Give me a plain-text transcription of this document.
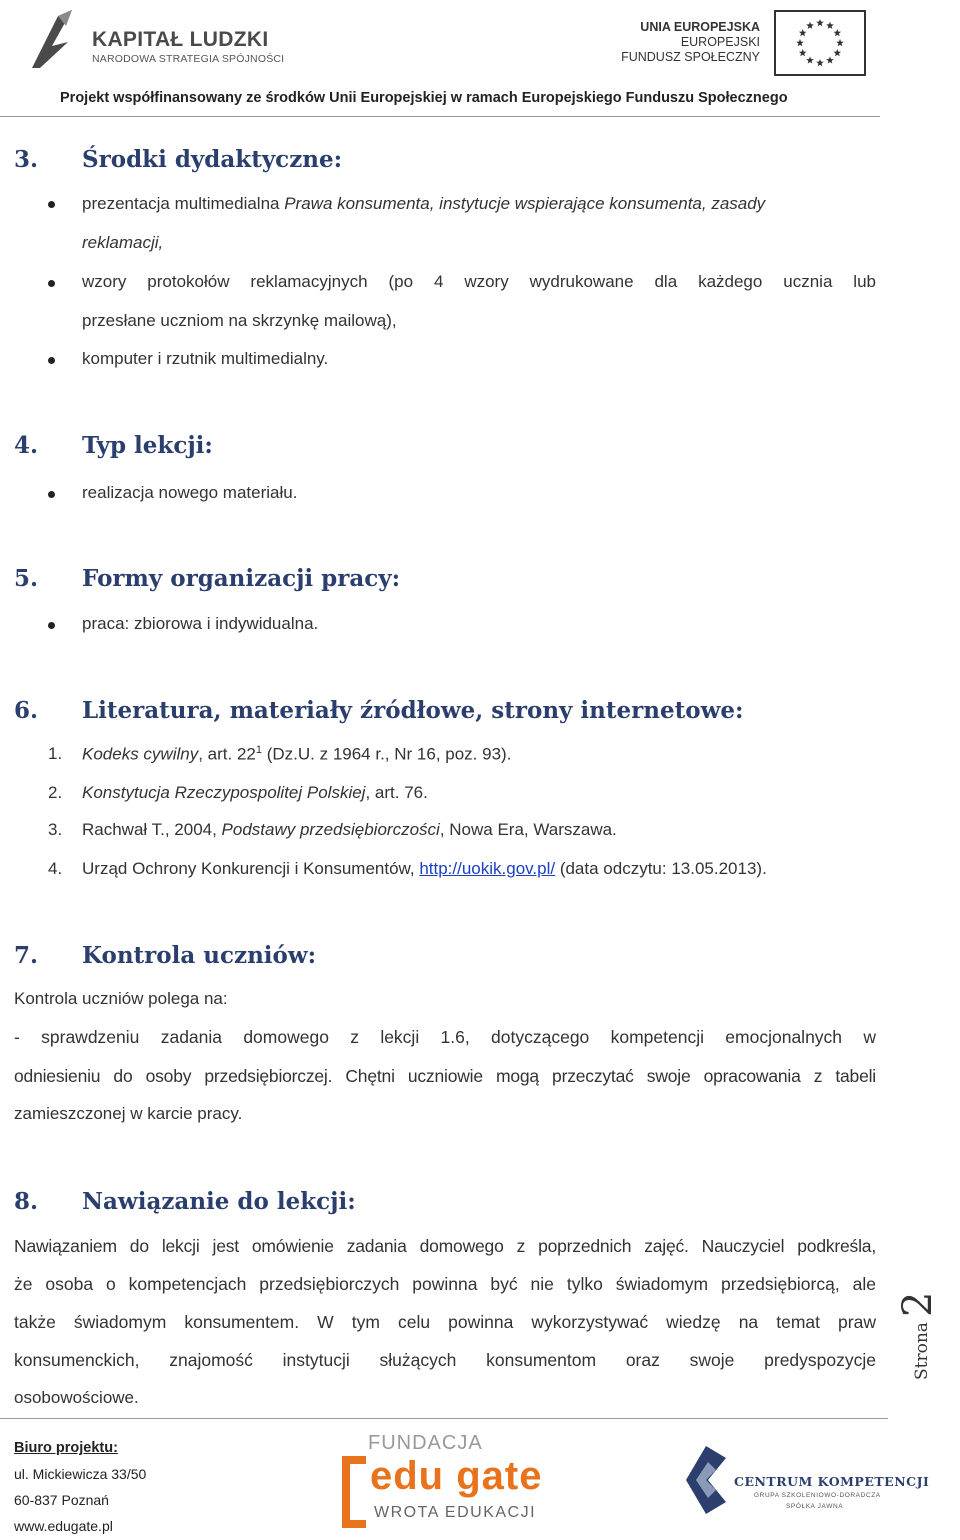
KAPITAŁ LUDZKI
NARODOWA STRATEGIA SPÓJNOŚCI
UNIA EUROPEJSKA
EUROPEJSKI
FUNDUSZ SPOŁECZNY
Projekt współfinansowany ze środków Unii Europejskiej w ramach Europejskiego Funduszu Społecznego
3. Środki dydaktyczne:
prezentacja multimedialna Prawa konsumenta, instytucje wspierające konsumenta, zasady
reklamacji,
wzory protokołów reklamacyjnych (po 4 wzory wydrukowane dla każdego ucznia lub
przesłane uczniom na skrzynkę mailową),
komputer i rzutnik multimedialny.
4. Typ lekcji:
realizacja nowego materiału.
5. Formy organizacji pracy:
praca: zbiorowa i indywidualna.
6. Literatura, materiały źródłowe, strony internetowe:
1. Kodeks cywilny, art. $22^1$ (Dz.U. z 1964 r., Nr 16, poz. 93).
2. Konstytucja Rzeczypospolitej Polskiej, art. 76.
3. Rachwał T., 2004, Podstawy przedsiębiorczości, Nowa Era, Warszawa.
4. Urząd Ochrony Konkurencji i Konsumentów, http://uokik.gov.pl/ (data odczytu: 13.05.2013).
7. Kontrola uczniów:
Kontrola uczniów polega na:
- sprawdzeniu zadania domowego z lekcji 1.6, dotyczącego kompetencji emocjonalnych w
odniesieniu do osoby przedsiębiorczej. Chętni uczniowie mogą przeczytać swoje opracowania z tabeli
zamieszczonej w karcie pracy.
8. Nawiązanie do lekcji:
Nawiązaniem do lekcji jest omówienie zadania domowego z poprzednich zajęć. Nauczyciel podkreśla,
że osoba o kompetencjach przedsiębiorczych powinna być nie tylko świadomym przedsiębiorcą, ale
także świadomym konsumentem. W tym celu powinna wykorzystywać wiedzę na temat praw
konsumenckich, znajomość instytucji służących konsumentom oraz swoje predyspozycje
osobowościowe.
Strona 2
Biuro projektu:
ul. Mickiewicza 33/50
60-837 Poznań
www.edugate.pl
FUNDACJA
edu gate
WROTA EDUKACJI
CENTRUM KOMPETENCJI
GRUPA SZKOLENIOWO-DORADCZA
SPÓŁKA JAWNA
